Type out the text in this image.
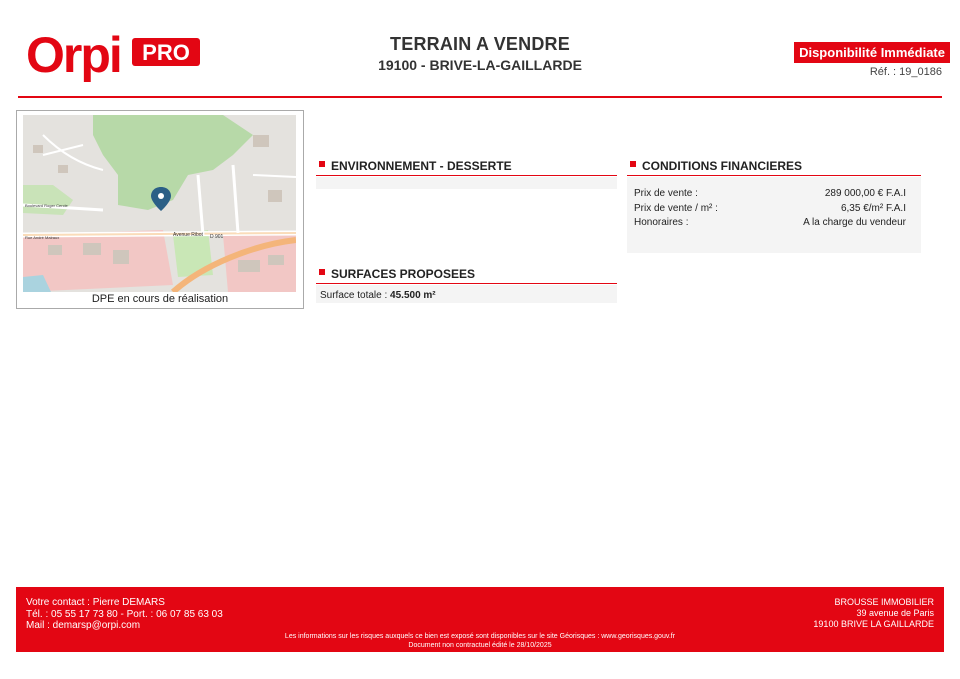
Orpi PRO	TERRAIN A VENDRE
19100 - BRIVE-LA-GAILLARDE
Disponibilité Immédiate
Réf. : 19_0186
Avenue Ribot D 901
Boulevard Roger Cercle
Rue André Malraux
DPE en cours de réalisation
ENVIRONNEMENT - DESSERTE
SURFACES PROPOSEES
Surface totale : 45.500 m²
CONDITIONS FINANCIERES
Prix de vente :	289 000,00 € F.A.I
Prix de vente / m² :	6,35 €/m² F.A.I
Honoraires :	A la charge du vendeur
Votre contact : Pierre DEMARS
Tél. : 05 55 17 73 80 - Port. : 06 07 85 63 03
Mail : demarsp@orpi.com
BROUSSE IMMOBILIER
39 avenue de Paris
19100 BRIVE LA GAILLARDE
Les informations sur les risques auxquels ce bien est exposé sont disponibles sur le site Géorisques : www.georisques.gouv.fr
Document non contractuel édité le 28/10/2025
